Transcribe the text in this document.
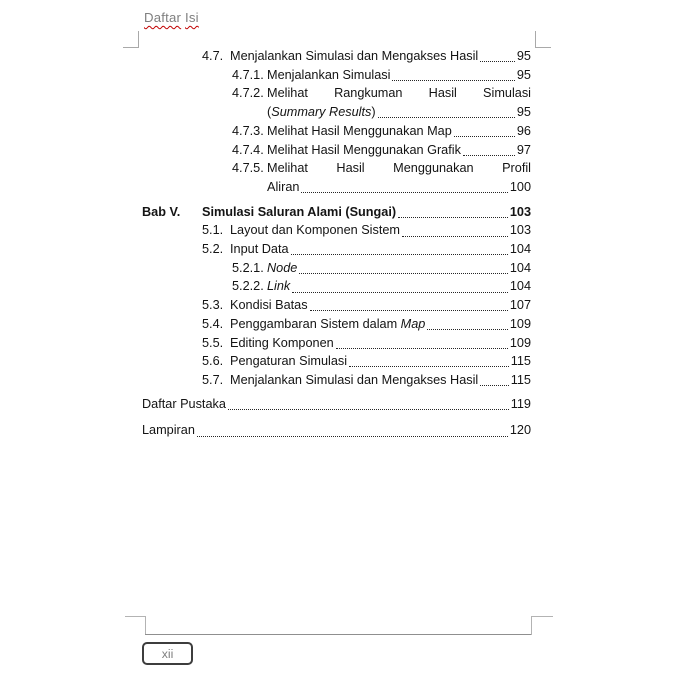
Daftar Isi
4.7. Menjalankan Simulasi dan Mengakses Hasil	95
4.7.1. Menjalankan Simulasi	95
4.7.2. Melihat Rangkuman Hasil Simulasi
( Summary Results )	95
4.7.3. Melihat Hasil Menggunakan Map	96
4.7.4. Melihat Hasil Menggunakan Grafik	97
4.7.5. Melihat Hasil Menggunakan Profil
Aliran	100
Bab V.	Simulasi Saluran Alami (Sungai)	103
5.1. Layout dan Komponen Sistem	103
5.2. Input Data	104
5.2.1. Node	104
5.2.2. Link	104
5.3. Kondisi Batas	107
5.4. Penggambaran Sistem dalam Map	109
5.5. Editing Komponen	109
5.6. Pengaturan Simulasi	115
5.7. Menjalankan Simulasi dan Mengakses Hasil	115
Daftar Pustaka	119
Lampiran	120
xii
